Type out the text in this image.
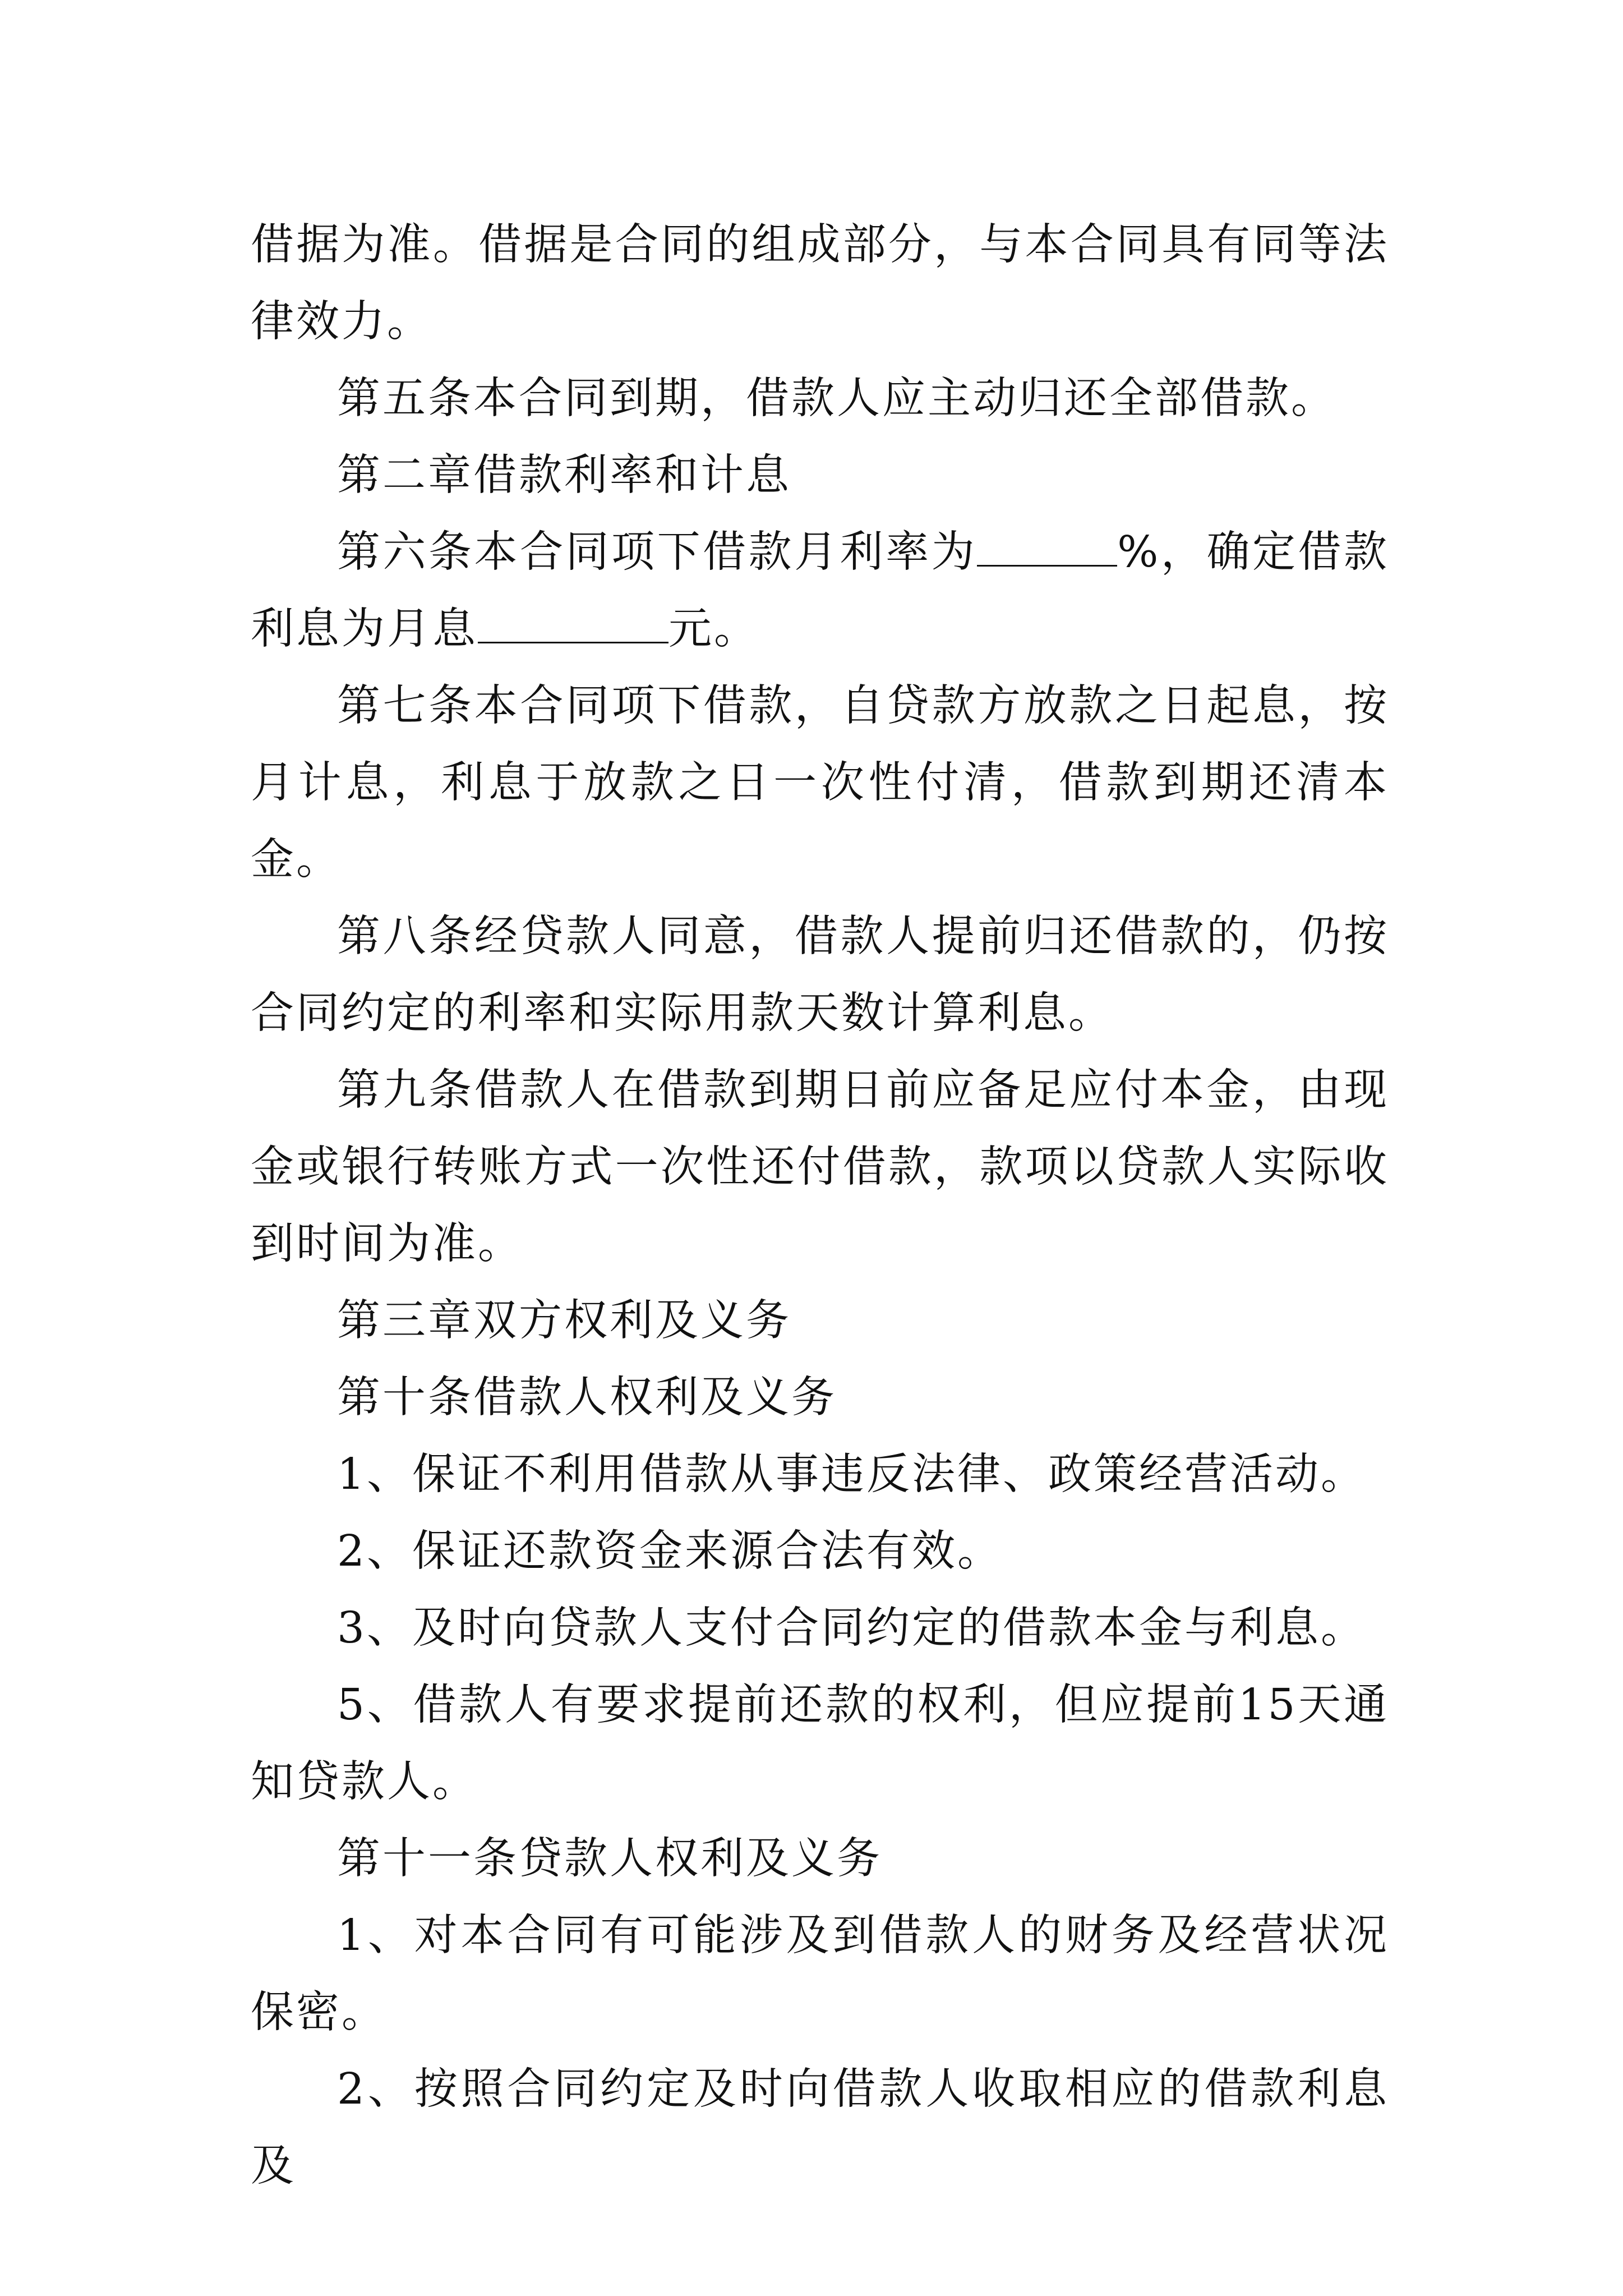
借据为准。借据是合同的组成部分，与本合同具有同等法律效力。

第五条本合同到期，借款人应主动归还全部借款。

第二章借款利率和计息

第六条本合同项下借款月利率为	%，确定借款利息为月息	元。

第七条本合同项下借款，自贷款方放款之日起息，按月计息，利息于放款之日一次性付清，借款到期还清本金。

第八条经贷款人同意，借款人提前归还借款的，仍按合同约定的利率和实际用款天数计算利息。

第九条借款人在借款到期日前应备足应付本金，由现金或银行转账方式一次性还付借款，款项以贷款人实际收到时间为准。

第三章双方权利及义务

第十条借款人权利及义务

1、保证不利用借款从事违反法律、政策经营活动。

2、保证还款资金来源合法有效。

3、及时向贷款人支付合同约定的借款本金与利息。

5、借款人有要求提前还款的权利，但应提前15天通知贷款人。

第十一条贷款人权利及义务

1、对本合同有可能涉及到借款人的财务及经营状况保密。

2、按照合同约定及时向借款人收取相应的借款利息及
